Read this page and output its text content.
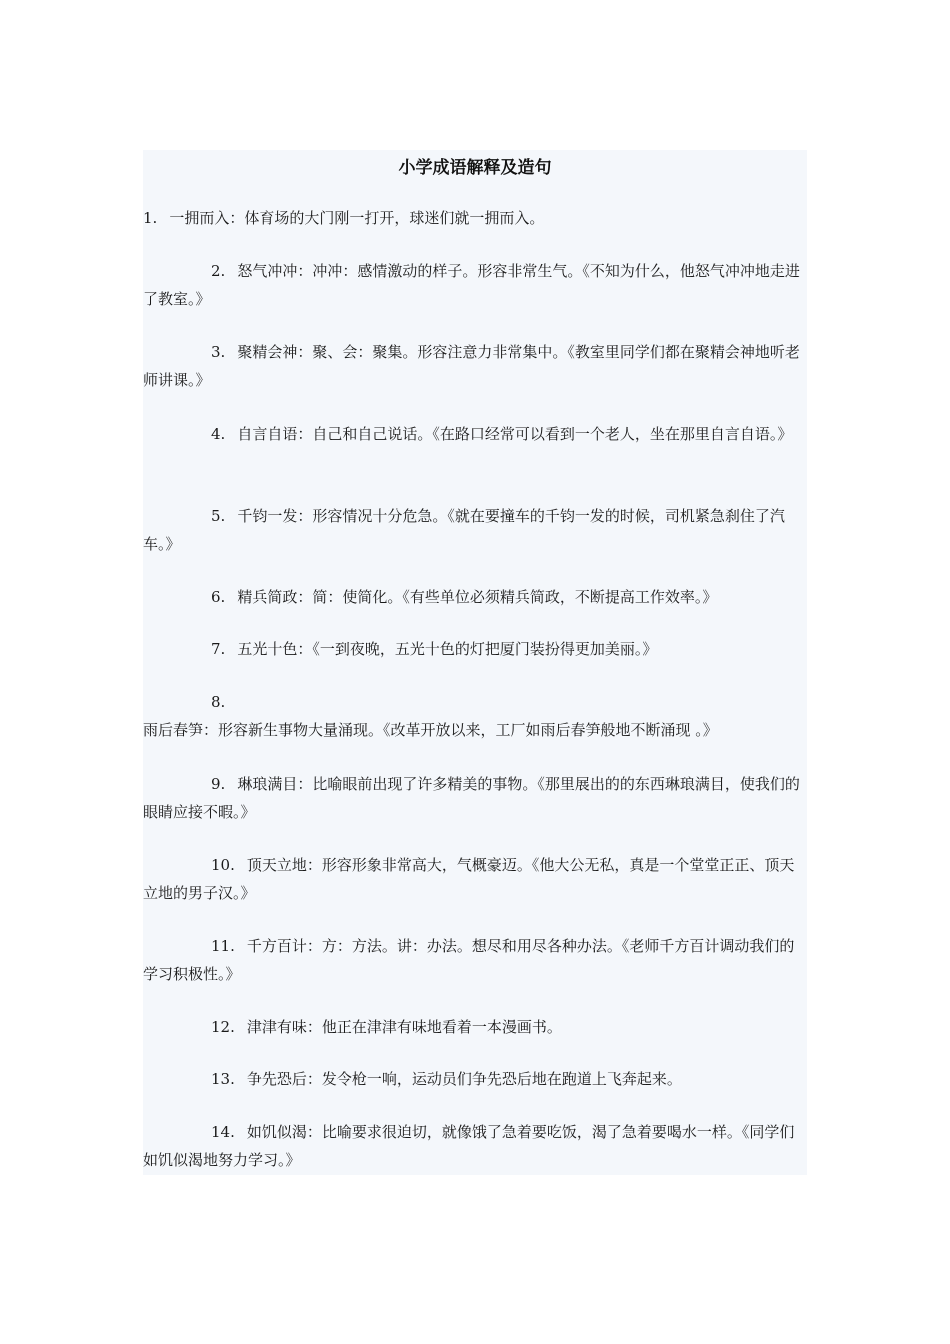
小学成语解释及造句
1. 一拥而入：体育场的大门刚一打开，球迷们就一拥而入。
2. 怒气冲冲：冲冲：感情激动的样子。形容非常生气。《不知为什么，他怒气冲冲地走进了教室。》
3. 聚精会神：聚、会：聚集。形容注意力非常集中。《教室里同学们都在聚精会神地听老师讲课。》
4. 自言自语：自己和自己说话。《在路口经常可以看到一个老人，坐在那里自言自语。》
5. 千钧一发：形容情况十分危急。《就在要撞车的千钧一发的时候，司机紧急刹住了汽车。》
6. 精兵简政：简：使简化。《有些单位必须精兵简政，不断提高工作效率。》
7. 五光十色：《一到夜晚，五光十色的灯把厦门装扮得更加美丽。》
8.雨后春笋：形容新生事物大量涌现。《改革开放以来，工厂如雨后春笋般地不断涌现 。》
9. 琳琅满目：比喻眼前出现了许多精美的事物。《那里展出的的东西琳琅满目，使我们的眼睛应接不暇。》
10. 顶天立地：形容形象非常高大，气概豪迈。《他大公无私，真是一个堂堂正正、顶天立地的男子汉。》
11. 千方百计：方：方法。讲：办法。想尽和用尽各种办法。《老师千方百计调动我们的学习积极性。》
12. 津津有味：他正在津津有味地看着一本漫画书。
13. 争先恐后：发令枪一响，运动员们争先恐后地在跑道上飞奔起来。
14. 如饥似渴：比喻要求很迫切，就像饿了急着要吃饭，渴了急着要喝水一样。《同学们如饥似渴地努力学习。》
